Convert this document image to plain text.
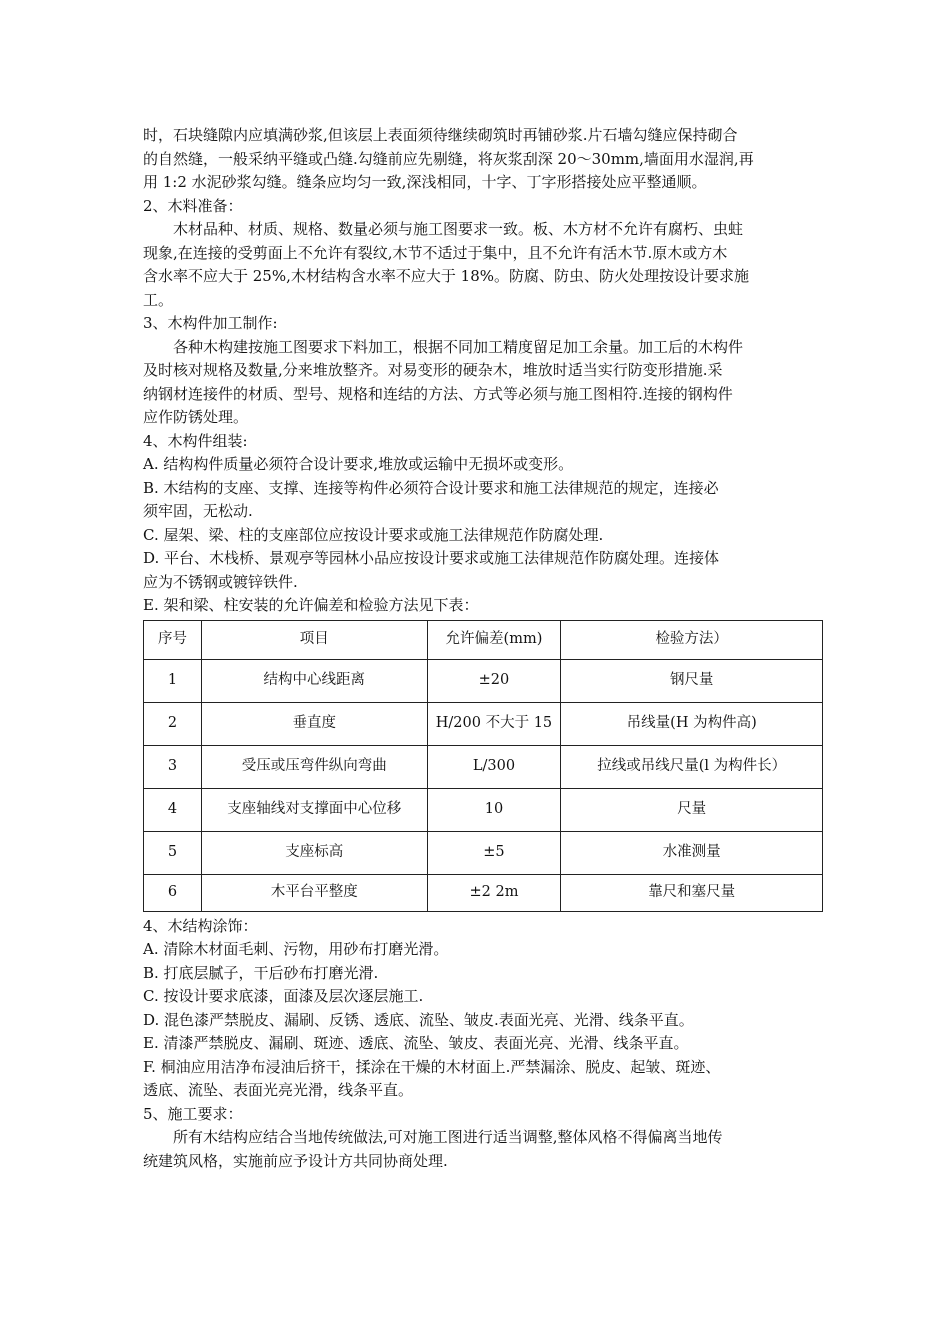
时，石块缝隙内应填满砂浆,但该层上表面须待继续砌筑时再铺砂浆.片石墙勾缝应保持砌合
的自然缝，一般采纳平缝或凸缝.勾缝前应先剔缝，将灰浆刮深 20～30mm,墙面用水湿润,再
用 1:2 水泥砂浆勾缝。缝条应均匀一致,深浅相同，十字、丁字形搭接处应平整通顺。
2、木料准备：
木材品种、材质、规格、数量必须与施工图要求一致。板、木方材不允许有腐朽、虫蛀
现象,在连接的受剪面上不允许有裂纹,木节不适过于集中，且不允许有活木节.原木或方木
含水率不应大于 25%,木材结构含水率不应大于 18%。防腐、防虫、防火处理按设计要求施
工。
3、木构件加工制作:
各种木构建按施工图要求下料加工，根据不同加工精度留足加工余量。加工后的木构件
及时核对规格及数量,分来堆放整齐。对易变形的硬杂木，堆放时适当实行防变形措施.采
纳钢材连接件的材质、型号、规格和连结的方法、方式等必须与施工图相符.连接的钢构件
应作防锈处理。
4、木构件组装:
A. 结构构件质量必须符合设计要求,堆放或运输中无损坏或变形。
B. 木结构的支座、支撑、连接等构件必须符合设计要求和施工法律规范的规定，连接必
须牢固，无松动.
C. 屋架、梁、柱的支座部位应按设计要求或施工法律规范作防腐处理.
D. 平台、木栈桥、景观亭等园林小品应按设计要求或施工法律规范作防腐处理。连接体
应为不锈钢或镀锌铁件.
E. 架和梁、柱安装的允许偏差和检验方法见下表：
序号	项目	允许偏差(mm)	检验方法）
1	结构中心线距离	±20	钢尺量
2	垂直度	H/200 不大于 15	吊线量(H 为构件高)
3	受压或压弯件纵向弯曲	L/300	拉线或吊线尺量(l 为构件长）
4	支座轴线对支撑面中心位移	10	尺量
5	支座标高	±5	水准测量
6	木平台平整度	±2 2m	靠尺和塞尺量
4、木结构涂饰：
A. 清除木材面毛刺、污物，用砂布打磨光滑。
B. 打底层腻子，干后砂布打磨光滑.
C. 按设计要求底漆，面漆及层次逐层施工.
D. 混色漆严禁脱皮、漏刷、反锈、透底、流坠、皱皮.表面光亮、光滑、线条平直。
E. 清漆严禁脱皮、漏刷、斑迹、透底、流坠、皱皮、表面光亮、光滑、线条平直。
F. 桐油应用洁净布浸油后挤干，揉涂在干燥的木材面上.严禁漏涂、脱皮、起皱、斑迹、
透底、流坠、表面光亮光滑，线条平直。
5、施工要求：
所有木结构应结合当地传统做法,可对施工图进行适当调整,整体风格不得偏离当地传
统建筑风格，实施前应予设计方共同协商处理.
